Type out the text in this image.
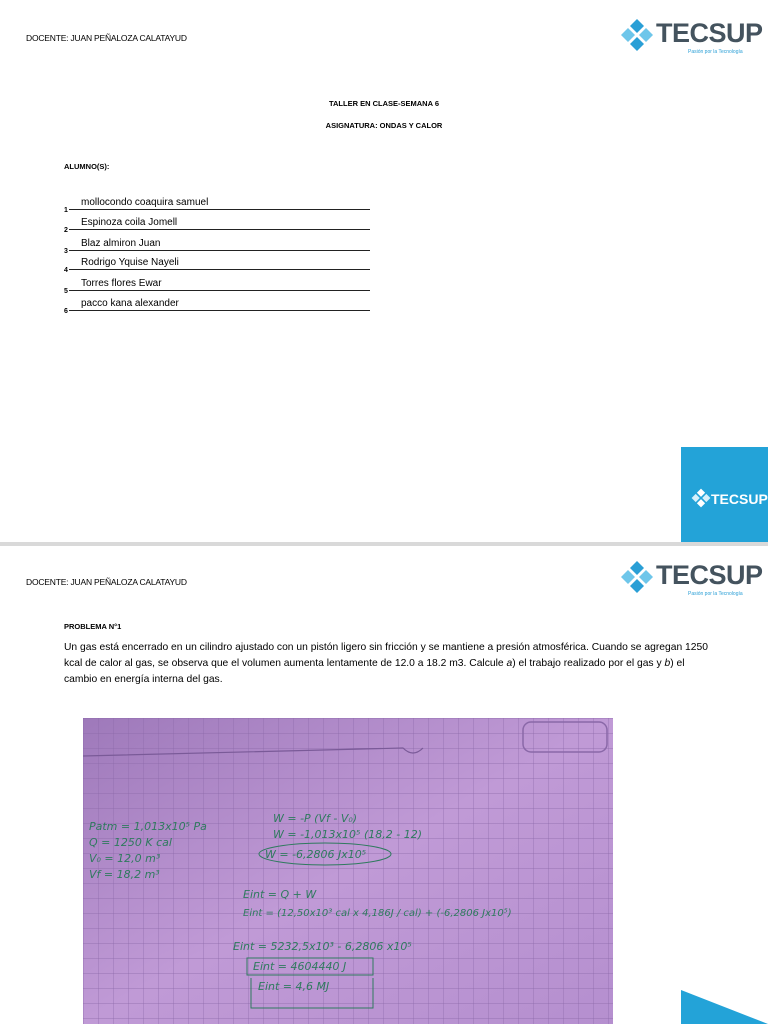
DOCENTE: JUAN PEÑALOZA CALATAYUD	TECSUP
Pasión por la Tecnología
TALLER EN CLASE-SEMANA 6
ASIGNATURA: ONDAS Y CALOR
ALUMNO(S):
1
mollocondo coaquira samuel
2
Espinoza coila Jomell
3
Blaz almiron Juan
4
Rodrigo Yquise Nayeli
5
Torres flores Ewar
6
pacco kana alexander
TECSUP
DOCENTE: JUAN PEÑALOZA CALATAYUD	TECSUP
Pasión por la Tecnología
PROBLEMA N°1
Un gas está encerrado en un cilindro ajustado con un pistón ligero sin fricción y se mantiene a presión atmosférica. Cuando se agregan 1250 kcal de calor al gas, se observa que el volumen aumenta lentamente de 12.0 a 18.2 m3. Calcule a) el trabajo realizado por el gas y b) el cambio en energía interna del gas.
Patm = 1,013x10⁵ Pa
Q = 1250 K cal
V₀ = 12,0 m³
Vf = 18,2 m³
W = -P (Vf - V₀)
W = -1,013x10⁵ (18,2 - 12)
W = -6,2806 Jx10⁵
Eint = Q + W
Eint = (12,50x10³ cal x 4,186J / cal) + (-6,2806 Jx10⁵)
Eint = 5232,5x10³ - 6,2806 x10⁵
Eint = 4604440 J
Eint = 4,6 MJ
